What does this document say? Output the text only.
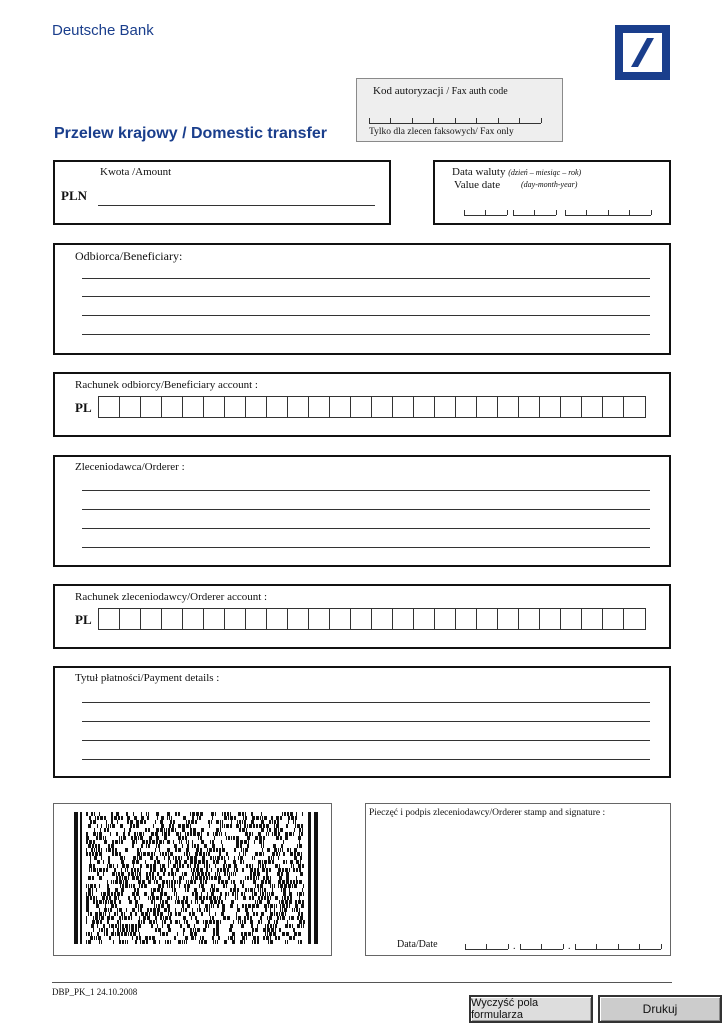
Deutsche Bank
Kod autoryzacji / Fax auth code
Tylko dla zlecen faksowych/ Fax only
Przelew krajowy / Domestic transfer
Kwota /Amount
PLN
Data waluty (dzień – miesiąc – rok)
Value date	(day-month-year)
Odbiorca/Beneficiary:
Rachunek odbiorcy/Beneficiary account :
PL
Zleceniodawca/Orderer :
Rachunek zleceniodawcy/Orderer account :
PL
Tytuł płatności/Payment details :
Pieczęć i podpis zleceniodawcy/Orderer stamp and signature :
Data/Date	.	.
DBP_PK_1 24.10.2008
Wyczyść pola formularza	Drukuj
